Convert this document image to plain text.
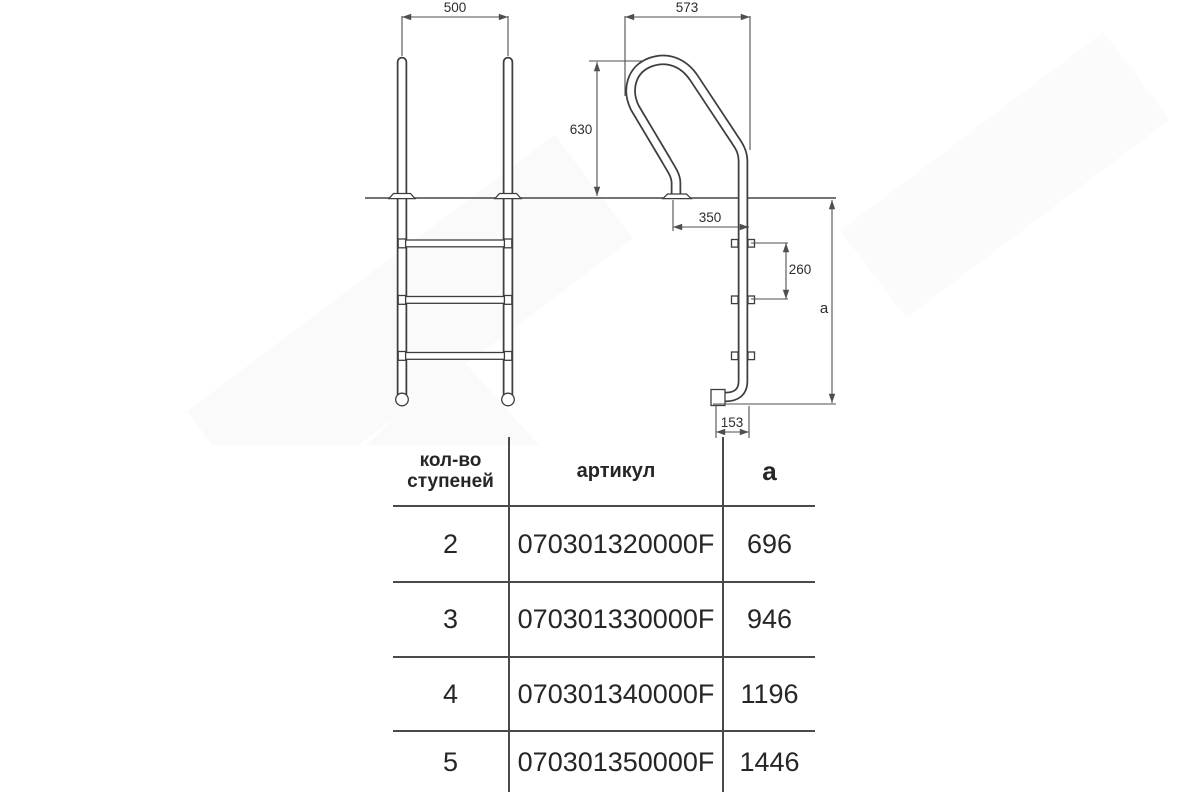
500	573
630
350
260
a
153
кол-во ступеней	артикул	a
2	070301320000F	696
3	070301330000F	946
4	070301340000F 1196
5	070301350000F 1446
